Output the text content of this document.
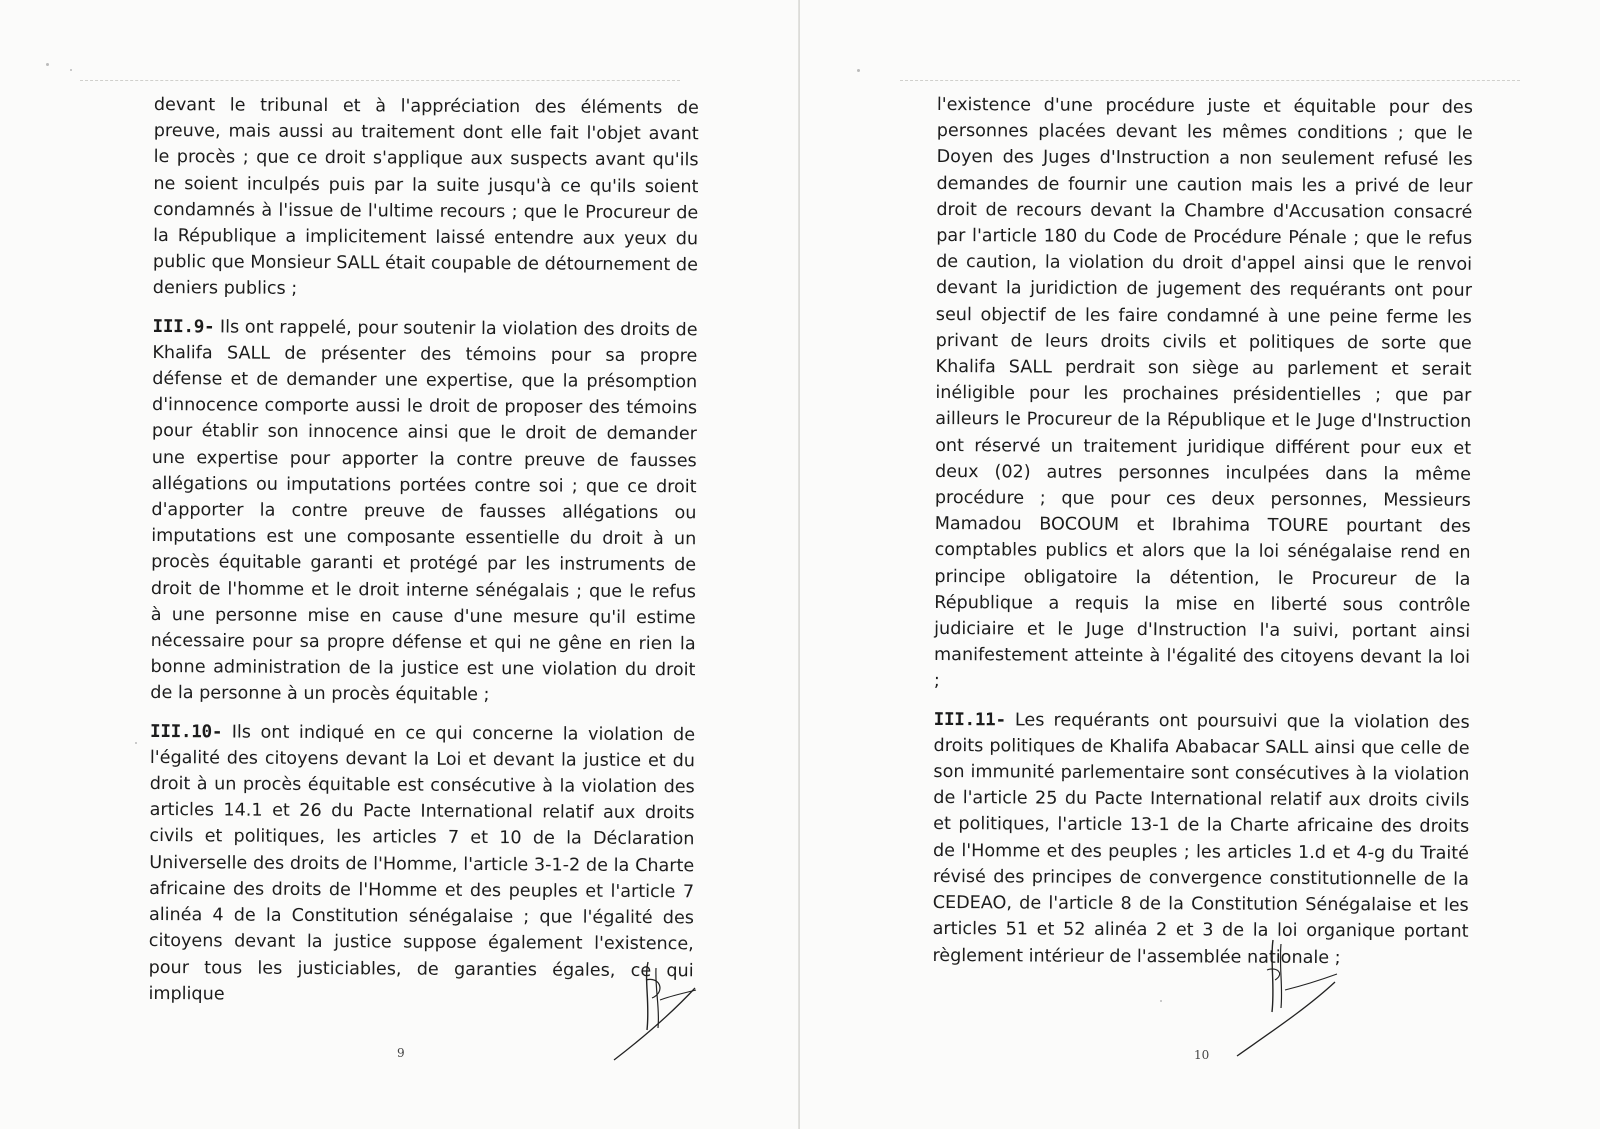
devant le tribunal et à l'appréciation des éléments de preuve, mais aussi au traitement dont elle fait l'objet avant le procès ; que ce droit s'applique aux suspects avant qu'ils ne soient inculpés puis par la suite jusqu'à ce qu'ils soient condamnés à l'issue de l'ultime recours ; que le Procureur de la République a implicitement laissé entendre aux yeux du public que Monsieur SALL était coupable de détournement de deniers publics ;

III.9- Ils ont rappelé, pour soutenir la violation des droits de Khalifa SALL de présenter des témoins pour sa propre défense et de demander une expertise, que la présomption d'innocence comporte aussi le droit de proposer des témoins pour établir son innocence ainsi que le droit de demander une expertise pour apporter la contre preuve de fausses allégations ou imputations portées contre soi ; que ce droit d'apporter la contre preuve de fausses allégations ou imputations est une composante essentielle du droit à un procès équitable garanti et protégé par les instruments de droit de l'homme et le droit interne sénégalais ; que le refus à une personne mise en cause d'une mesure qu'il estime nécessaire pour sa propre défense et qui ne gêne en rien la bonne administration de la justice est une violation du droit de la personne à un procès équitable ;

III.10- Ils ont indiqué en ce qui concerne la violation de l'égalité des citoyens devant la Loi et devant la justice et du droit à un procès équitable est consécutive à la violation des articles 14.1 et 26 du Pacte International relatif aux droits civils et politiques, les articles 7 et 10 de la Déclaration Universelle des droits de l'Homme, l'article 3-1-2 de la Charte africaine des droits de l'Homme et des peuples et l'article 7 alinéa 4 de la Constitution sénégalaise ; que l'égalité des citoyens devant la justice suppose également l'existence, pour tous les justiciables, de garanties égales, ce qui implique

9

l'existence d'une procédure juste et équitable pour des personnes placées devant les mêmes conditions ; que le Doyen des Juges d'Instruction a non seulement refusé les demandes de fournir une caution mais les a privé de leur droit de recours devant la Chambre d'Accusation consacré par l'article 180 du Code de Procédure Pénale ; que le refus de caution, la violation du droit d'appel ainsi que le renvoi devant la juridiction de jugement des requérants ont pour seul objectif de les faire condamné à une peine ferme les privant de leurs droits civils et politiques de sorte que Khalifa SALL perdrait son siège au parlement et serait inéligible pour les prochaines présidentielles ; que par ailleurs le Procureur de la République et le Juge d'Instruction ont réservé un traitement juridique différent pour eux et deux (02) autres personnes inculpées dans la même procédure ; que pour ces deux personnes, Messieurs Mamadou BOCOUM et Ibrahima TOURE pourtant des comptables publics et alors que la loi sénégalaise rend en principe obligatoire la détention, le Procureur de la République a requis la mise en liberté sous contrôle judiciaire et le Juge d'Instruction l'a suivi, portant ainsi manifestement atteinte à l'égalité des citoyens devant la loi ;

III.11- Les requérants ont poursuivi que la violation des droits politiques de Khalifa Ababacar SALL ainsi que celle de son immunité parlementaire sont consécutives à la violation de l'article 25 du Pacte International relatif aux droits civils et politiques, l'article 13-1 de la Charte africaine des droits de l'Homme et des peuples ; les articles 1.d et 4-g du Traité révisé des principes de convergence constitutionnelle de la CEDEAO, de l'article 8 de la Constitution Sénégalaise et les articles 51 et 52 alinéa 2 et 3 de la loi organique portant règlement intérieur de l'assemblée nationale ;

10
